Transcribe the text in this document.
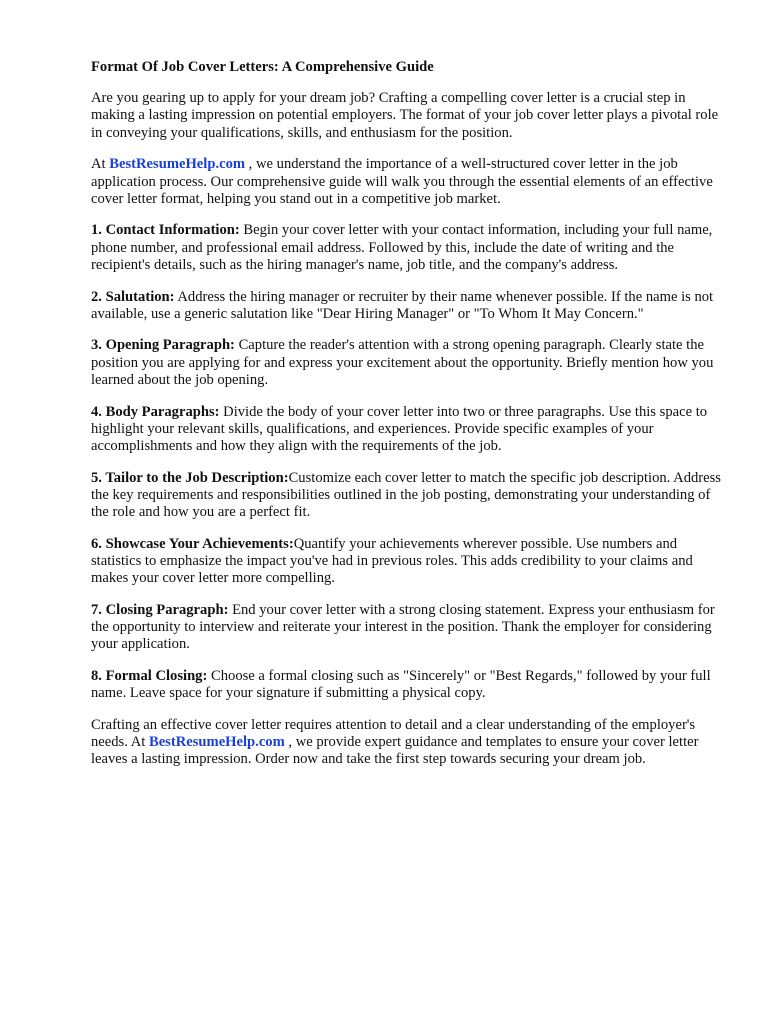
Format Of Job Cover Letters: A Comprehensive Guide

Are you gearing up to apply for your dream job? Crafting a compelling cover letter is a crucial step in making a lasting impression on potential employers. The format of your job cover letter plays a pivotal role in conveying your qualifications, skills, and enthusiasm for the position.

At BestResumeHelp.com , we understand the importance of a well-structured cover letter in the job application process. Our comprehensive guide will walk you through the essential elements of an effective cover letter format, helping you stand out in a competitive job market.

1. Contact Information: Begin your cover letter with your contact information, including your full name, phone number, and professional email address. Followed by this, include the date of writing and the recipient's details, such as the hiring manager's name, job title, and the company's address.

2. Salutation: Address the hiring manager or recruiter by their name whenever possible. If the name is not available, use a generic salutation like "Dear Hiring Manager" or "To Whom It May Concern."

3. Opening Paragraph: Capture the reader's attention with a strong opening paragraph. Clearly state the position you are applying for and express your excitement about the opportunity. Briefly mention how you learned about the job opening.

4. Body Paragraphs: Divide the body of your cover letter into two or three paragraphs. Use this space to highlight your relevant skills, qualifications, and experiences. Provide specific examples of your accomplishments and how they align with the requirements of the job.

5. Tailor to the Job Description:Customize each cover letter to match the specific job description. Address the key requirements and responsibilities outlined in the job posting, demonstrating your understanding of the role and how you are a perfect fit.

6. Showcase Your Achievements:Quantify your achievements wherever possible. Use numbers and statistics to emphasize the impact you've had in previous roles. This adds credibility to your claims and makes your cover letter more compelling.

7. Closing Paragraph: End your cover letter with a strong closing statement. Express your enthusiasm for the opportunity to interview and reiterate your interest in the position. Thank the employer for considering your application.

8. Formal Closing: Choose a formal closing such as "Sincerely" or "Best Regards," followed by your full name. Leave space for your signature if submitting a physical copy.

Crafting an effective cover letter requires attention to detail and a clear understanding of the employer's needs. At BestResumeHelp.com , we provide expert guidance and templates to ensure your cover letter leaves a lasting impression. Order now and take the first step towards securing your dream job.
